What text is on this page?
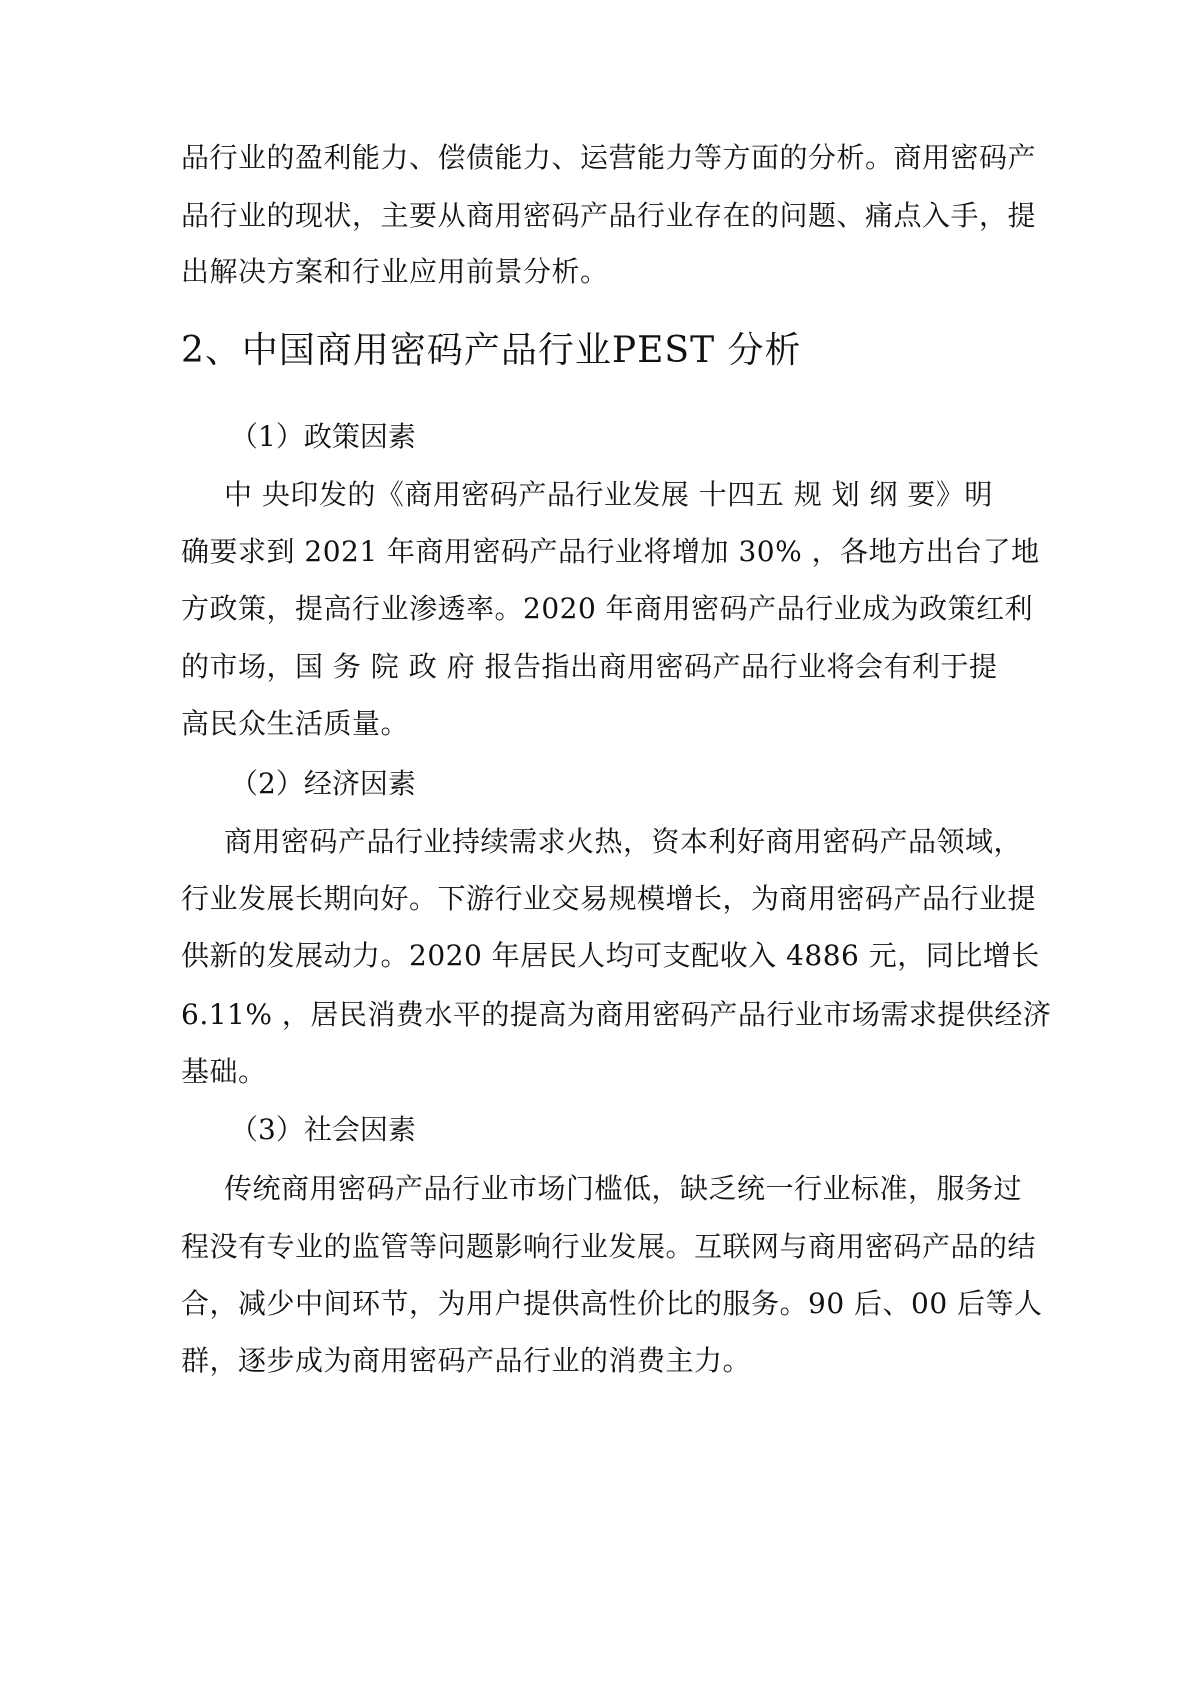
品行业的盈利能力、偿债能力、运营能力等方面的分析。商用密码产
品行业的现状，主要从商用密码产品行业存在的问题、痛点入手，提
出解决方案和行业应用前景分析。
2、中国商用密码产品行业PEST 分析
（1）政策因素
中 央印发的《商用密码产品行业发展 十四五 规 划 纲 要》明
确要求到 2021 年商用密码产品行业将增加 30% ，各地方出台了地
方政策，提高行业渗透率。2020 年商用密码产品行业成为政策红利
的市场，国 务 院 政 府 报告指出商用密码产品行业将会有利于提
高民众生活质量。
（2）经济因素
商用密码产品行业持续需求火热，资本利好商用密码产品领域，
行业发展长期向好。下游行业交易规模增长，为商用密码产品行业提
供新的发展动力。2020 年居民人均可支配收入 4886 元，同比增长
6.11% ，居民消费水平的提高为商用密码产品行业市场需求提供经济
基础。
（3）社会因素
传统商用密码产品行业市场门槛低，缺乏统一行业标准，服务过
程没有专业的监管等问题影响行业发展。互联网与商用密码产品的结
合，减少中间环节，为用户提供高性价比的服务。90 后、00 后等人
群，逐步成为商用密码产品行业的消费主力。
